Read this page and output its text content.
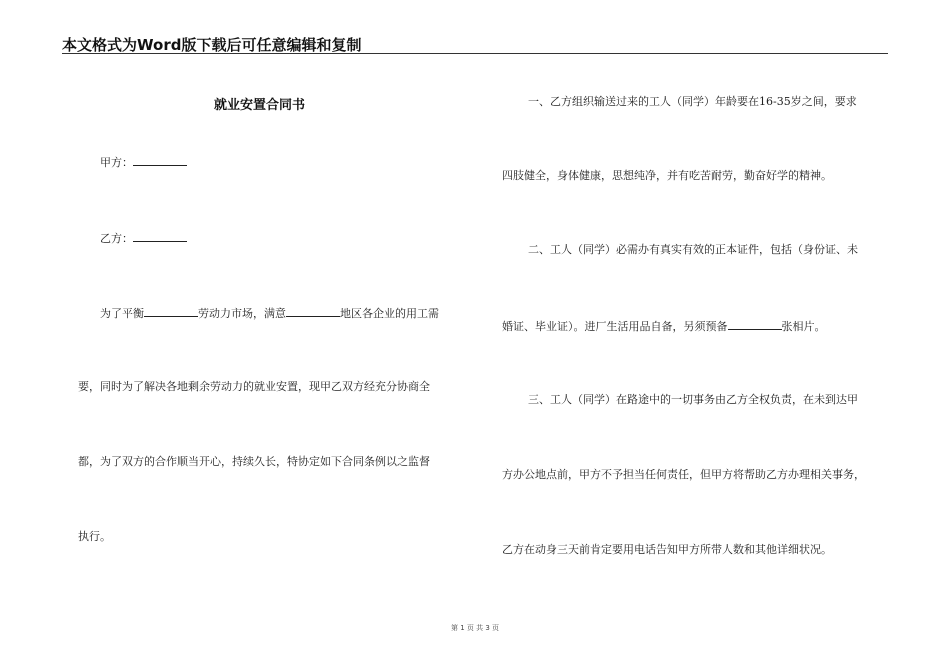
本文格式为Word版下载后可任意编辑和复制
就业安置合同书
甲方：
乙方：
为了平衡	劳动力市场，满意	地区各企业的用工需
要，同时为了解决各地剩余劳动力的就业安置，现甲乙双方经充分协商全
都，为了双方的合作顺当开心，持续久长，特协定如下合同条例以之监督
执行。
一、乙方组织输送过来的工人（同学）年龄要在16-35岁之间，要求
四肢健全，身体健康，思想纯净，并有吃苦耐劳，勤奋好学的精神。
二、工人（同学）必需办有真实有效的正本证件，包括（身份证、未
婚证、毕业证）。进厂生活用品自备，另须预备	张相片。
三、工人（同学）在路途中的一切事务由乙方全权负责，在未到达甲
方办公地点前，甲方不予担当任何责任，但甲方将帮助乙方办理相关事务，
乙方在动身三天前肯定要用电话告知甲方所带人数和其他详细状况。
第 1 页 共 3 页
